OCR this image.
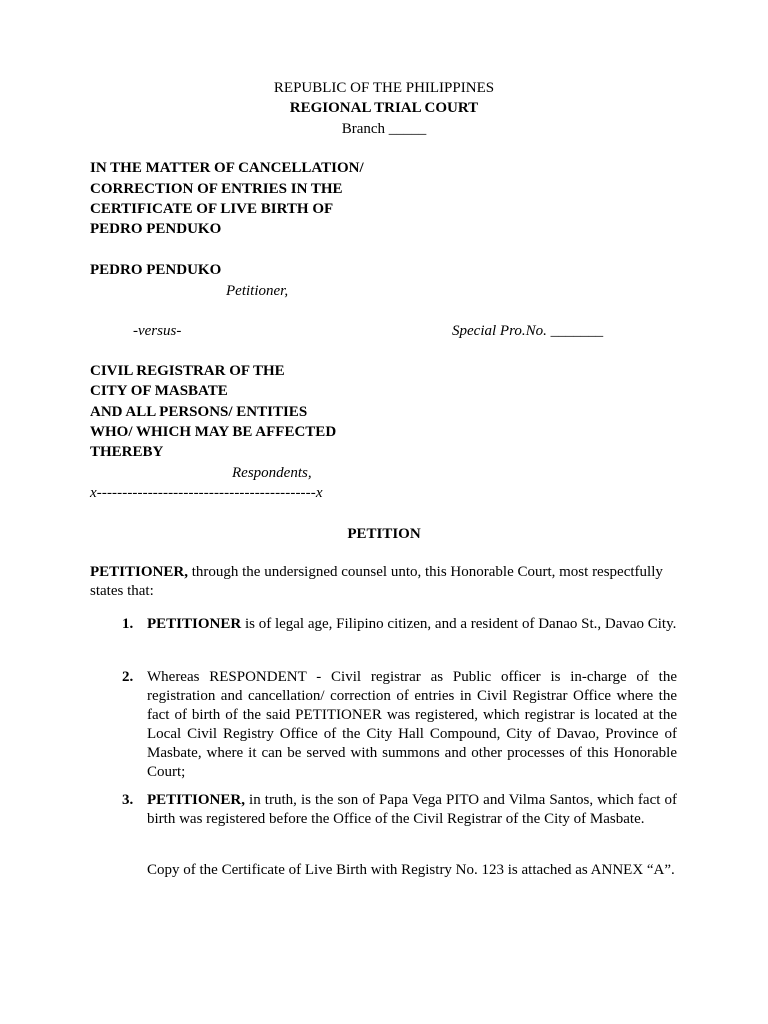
REPUBLIC OF THE PHILIPPINES
REGIONAL TRIAL COURT
Branch _____
IN THE MATTER OF CANCELLATION/
CORRECTION OF ENTRIES IN THE
CERTIFICATE OF LIVE BIRTH OF
PEDRO PENDUKO
PEDRO PENDUKO
Petitioner,
-versus-	Special Pro.No. _______
CIVIL REGISTRAR OF THE
CITY OF MASBATE
AND ALL PERSONS/ ENTITIES
WHO/ WHICH MAY BE AFFECTED
THEREBY
Respondents,
x-------------------------------------------x
PETITION
PETITIONER, through the undersigned counsel unto, this Honorable Court, most respectfully states that:
1. PETITIONER is of legal age, Filipino citizen, and a resident of Danao St., Davao City.
2. Whereas RESPONDENT - Civil registrar as Public officer is in-charge of the registration and cancellation/ correction of entries in Civil Registrar Office where the fact of birth of the said PETITIONER was registered, which registrar is located at the Local Civil Registry Office of the City Hall Compound, City of Davao, Province of Masbate, where it can be served with summons and other processes of this Honorable Court;
3. PETITIONER, in truth, is the son of Papa Vega PITO and Vilma Santos, which fact of birth was registered before the Office of the Civil Registrar of the City of Masbate.
Copy of the Certificate of Live Birth with Registry No. 123 is attached as ANNEX “A”.
